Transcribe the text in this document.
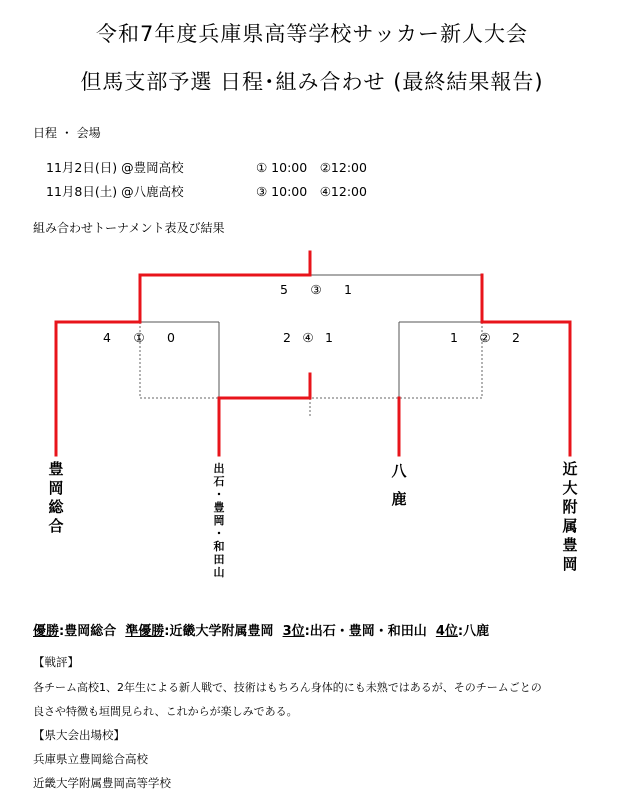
令和7年度兵庫県高等学校サッカー新人大会
但馬支部予選 日程･組み合わせ (最終結果報告)
日程 ・ 会場
11月2日(日) @豊岡高校	① 10:00　②12:00
11月8日(土) @八鹿高校	③ 10:00　④12:00
組み合わせトーナメント表及び結果
5 ③ 1
4 ① 0	2 ④ 1	1 ② 2
豊
岡
総
合
出
石
・
豊
岡
・
和
田
山
八
鹿
近
大
附
属
豊
岡
優勝:豊岡総合 準優勝:近畿大学附属豊岡 3位:出石・豊岡・和田山 4位:八鹿
【戦評】
各チーム高校1、2年生による新人戦で、技術はもちろん身体的にも未熟ではあるが、そのチームごとの
良さや特徴も垣間見られ、これからが楽しみである。
【県大会出場校】
兵庫県立豊岡総合高校
近畿大学附属豊岡高等学校
